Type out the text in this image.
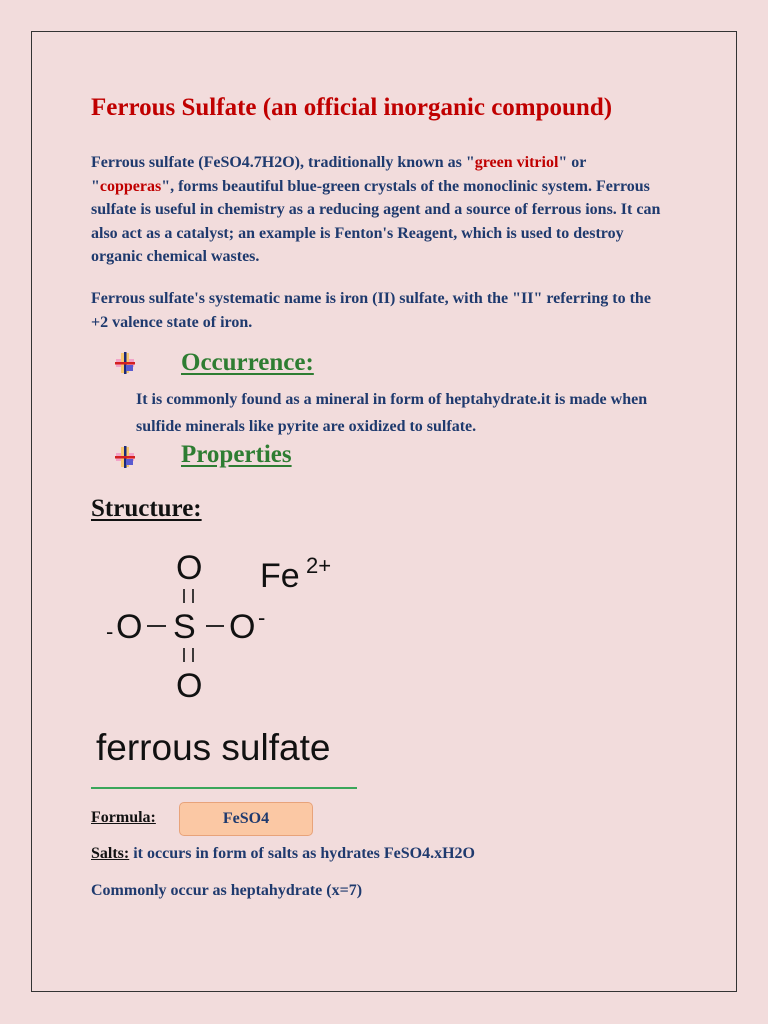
Ferrous Sulfate (an official inorganic compound)

Ferrous sulfate (FeSO4.7H2O), traditionally known as "green vitriol" or "copperas", forms beautiful blue-green crystals of the monoclinic system. Ferrous sulfate is useful in chemistry as a reducing agent and a source of ferrous ions. It can also act as a catalyst; an example is Fenton's Reagent, which is used to destroy organic chemical wastes.

Ferrous sulfate's systematic name is iron (II) sulfate, with the "II" referring to the +2 valence state of iron.

Occurrence:

It is commonly found as a mineral in form of heptahydrate.it is made when sulfide minerals like pyrite are oxidized to sulfate.

Properties
Structure:
O
- O S O -
O
Fe 2+

ferrous sulfate

Formula:	FeSO4

Salts: it occurs in form of salts as hydrates FeSO4.xH2O

Commonly occur as heptahydrate (x=7)
